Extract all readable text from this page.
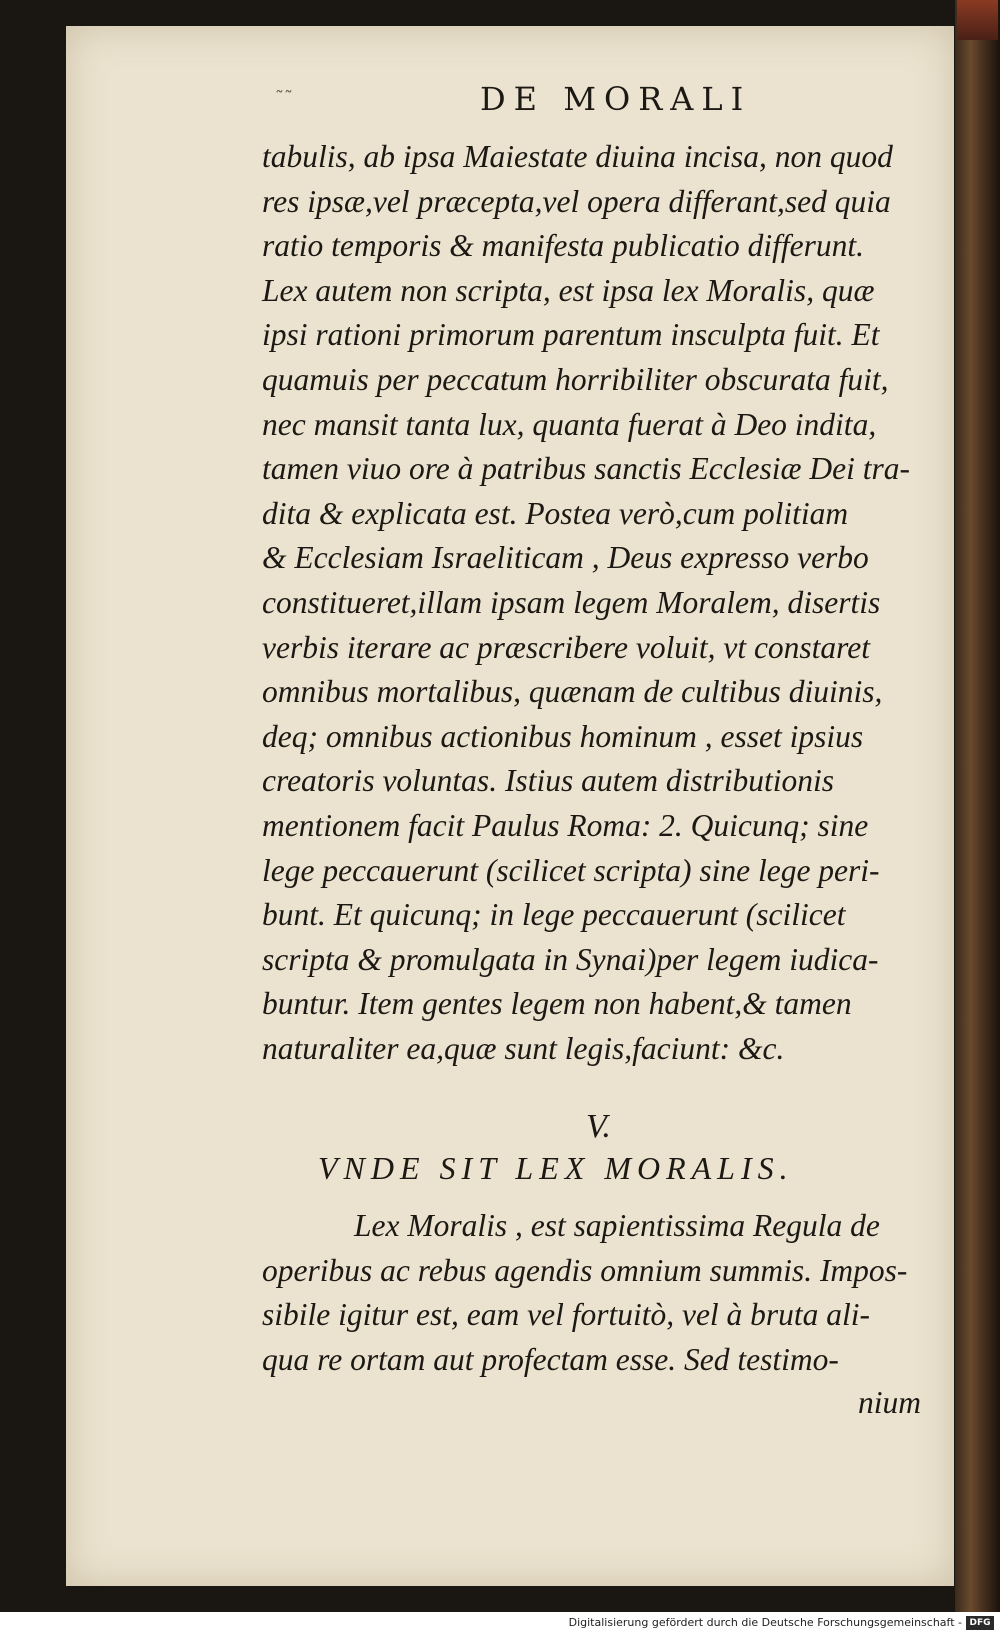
˜˜	DE MORALI
tabulis, ab ipsa Maiestate diuina incisa, non quod
res ipsæ,vel præcepta,vel opera differant,sed quia
ratio temporis & manifesta publicatio differunt.
Lex autem non scripta, est ipsa lex Moralis, quæ
ipsi rationi primorum parentum insculpta fuit. Et
quamuis per peccatum horribiliter obscurata fuit,
nec mansit tanta lux, quanta fuerat à Deo indita,
tamen viuo ore à patribus sanctis Ecclesiæ Dei tra-
dita & explicata est. Postea verò,cum politiam
& Ecclesiam Israeliticam , Deus expresso verbo
constitueret,illam ipsam legem Moralem, disertis
verbis iterare ac præscribere voluit, vt constaret
omnibus mortalibus, quænam de cultibus diuinis,
deq; omnibus actionibus hominum , esset ipsius
creatoris voluntas. Istius autem distributionis
mentionem facit Paulus Roma: 2. Quicunq; sine
lege peccauerunt (scilicet scripta) sine lege peri-
bunt. Et quicunq; in lege peccauerunt (scilicet
scripta & promulgata in Synai)per legem iudica-
buntur. Item gentes legem non habent,& tamen
naturaliter ea,quæ sunt legis,faciunt: &c.
V.
VNDE SIT LEX MORALIS.
Lex Moralis , est sapientissima Regula de
operibus ac rebus agendis omnium summis. Impos-
sibile igitur est, eam vel fortuitò, vel à bruta ali-
qua re ortam aut profectam esse. Sed testimo-
nium
Digitalisierung gefördert durch die Deutsche Forschungsgemeinschaft - DFG
